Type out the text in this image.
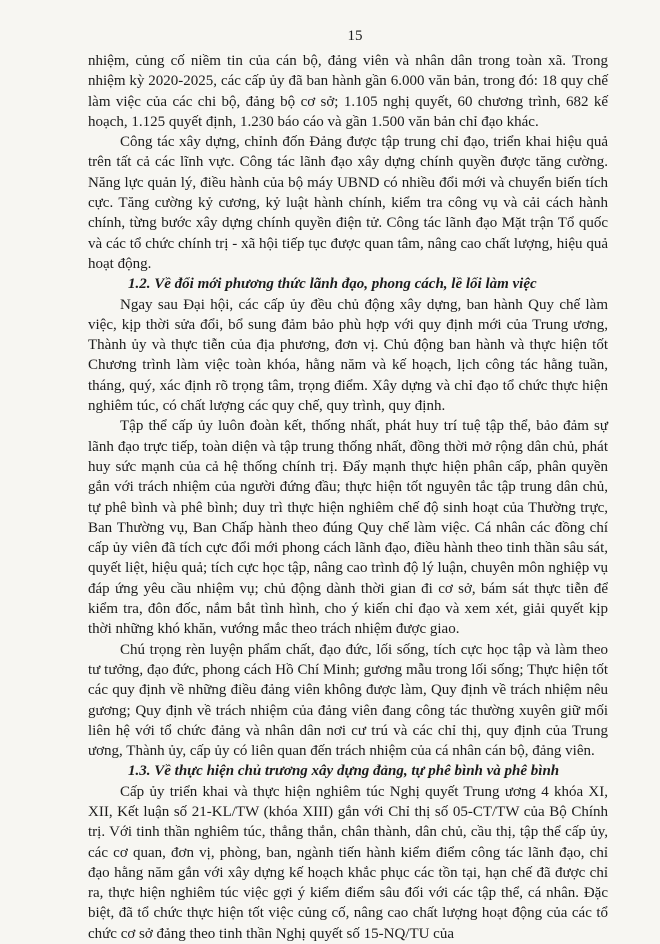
15

nhiệm, củng cố niềm tin của cán bộ, đảng viên và nhân dân trong toàn xã. Trong nhiệm kỳ 2020-2025, các cấp ủy đã ban hành gần 6.000 văn bản, trong đó: 18 quy chế làm việc của các chi bộ, đảng bộ cơ sở; 1.105 nghị quyết, 60 chương trình, 682 kế hoạch, 1.125 quyết định, 1.230 báo cáo và gần 1.500 văn bản chỉ đạo khác.

Công tác xây dựng, chỉnh đốn Đảng được tập trung chỉ đạo, triển khai hiệu quả trên tất cả các lĩnh vực. Công tác lãnh đạo xây dựng chính quyền được tăng cường. Năng lực quản lý, điều hành của bộ máy UBND có nhiều đổi mới và chuyển biến tích cực. Tăng cường kỷ cương, kỷ luật hành chính, kiểm tra công vụ và cải cách hành chính, từng bước xây dựng chính quyền điện tử. Công tác lãnh đạo Mặt trận Tổ quốc và các tổ chức chính trị - xã hội tiếp tục được quan tâm, nâng cao chất lượng, hiệu quả hoạt động.

1.2. Về đổi mới phương thức lãnh đạo, phong cách, lề lối làm việc

Ngay sau Đại hội, các cấp ủy đều chủ động xây dựng, ban hành Quy chế làm việc, kịp thời sửa đổi, bổ sung đảm bảo phù hợp với quy định mới của Trung ương, Thành ủy và thực tiễn của địa phương, đơn vị. Chủ động ban hành và thực hiện tốt Chương trình làm việc toàn khóa, hằng năm và kế hoạch, lịch công tác hằng tuần, tháng, quý, xác định rõ trọng tâm, trọng điểm. Xây dựng và chỉ đạo tổ chức thực hiện nghiêm túc, có chất lượng các quy chế, quy trình, quy định.

Tập thể cấp ủy luôn đoàn kết, thống nhất, phát huy trí tuệ tập thể, bảo đảm sự lãnh đạo trực tiếp, toàn diện và tập trung thống nhất, đồng thời mở rộng dân chủ, phát huy sức mạnh của cả hệ thống chính trị. Đẩy mạnh thực hiện phân cấp, phân quyền gắn với trách nhiệm của người đứng đầu; thực hiện tốt nguyên tắc tập trung dân chủ, tự phê bình và phê bình; duy trì thực hiện nghiêm chế độ sinh hoạt của Thường trực, Ban Thường vụ, Ban Chấp hành theo đúng Quy chế làm việc. Cá nhân các đồng chí cấp ủy viên đã tích cực đổi mới phong cách lãnh đạo, điều hành theo tinh thần sâu sát, quyết liệt, hiệu quả; tích cực học tập, nâng cao trình độ lý luận, chuyên môn nghiệp vụ đáp ứng yêu cầu nhiệm vụ; chủ động dành thời gian đi cơ sở, bám sát thực tiễn để kiểm tra, đôn đốc, nắm bắt tình hình, cho ý kiến chỉ đạo và xem xét, giải quyết kịp thời những khó khăn, vướng mắc theo trách nhiệm được giao.

Chú trọng rèn luyện phẩm chất, đạo đức, lối sống, tích cực học tập và làm theo tư tưởng, đạo đức, phong cách Hồ Chí Minh; gương mẫu trong lối sống; Thực hiện tốt các quy định về những điều đảng viên không được làm, Quy định về trách nhiệm nêu gương; Quy định về trách nhiệm của đảng viên đang công tác thường xuyên giữ mối liên hệ với tổ chức đảng và nhân dân nơi cư trú và các chỉ thị, quy định của Trung ương, Thành ủy, cấp ủy có liên quan đến trách nhiệm của cá nhân cán bộ, đảng viên.

1.3. Về thực hiện chủ trương xây dựng đảng, tự phê bình và phê bình

Cấp ủy triển khai và thực hiện nghiêm túc Nghị quyết Trung ương 4 khóa XI, XII, Kết luận số 21-KL/TW (khóa XIII) gắn với Chỉ thị số 05-CT/TW của Bộ Chính trị. Với tinh thần nghiêm túc, thẳng thắn, chân thành, dân chủ, cầu thị, tập thể cấp ủy, các cơ quan, đơn vị, phòng, ban, ngành tiến hành kiểm điểm công tác lãnh đạo, chỉ đạo hằng năm gắn với xây dựng kế hoạch khắc phục các tồn tại, hạn chế đã được chỉ ra, thực hiện nghiêm túc việc gợi ý kiểm điểm sâu đối với các tập thể, cá nhân. Đặc biệt, đã tổ chức thực hiện tốt việc củng cố, nâng cao chất lượng hoạt động của các tổ chức cơ sở đảng theo tinh thần Nghị quyết số 15-NQ/TU của
